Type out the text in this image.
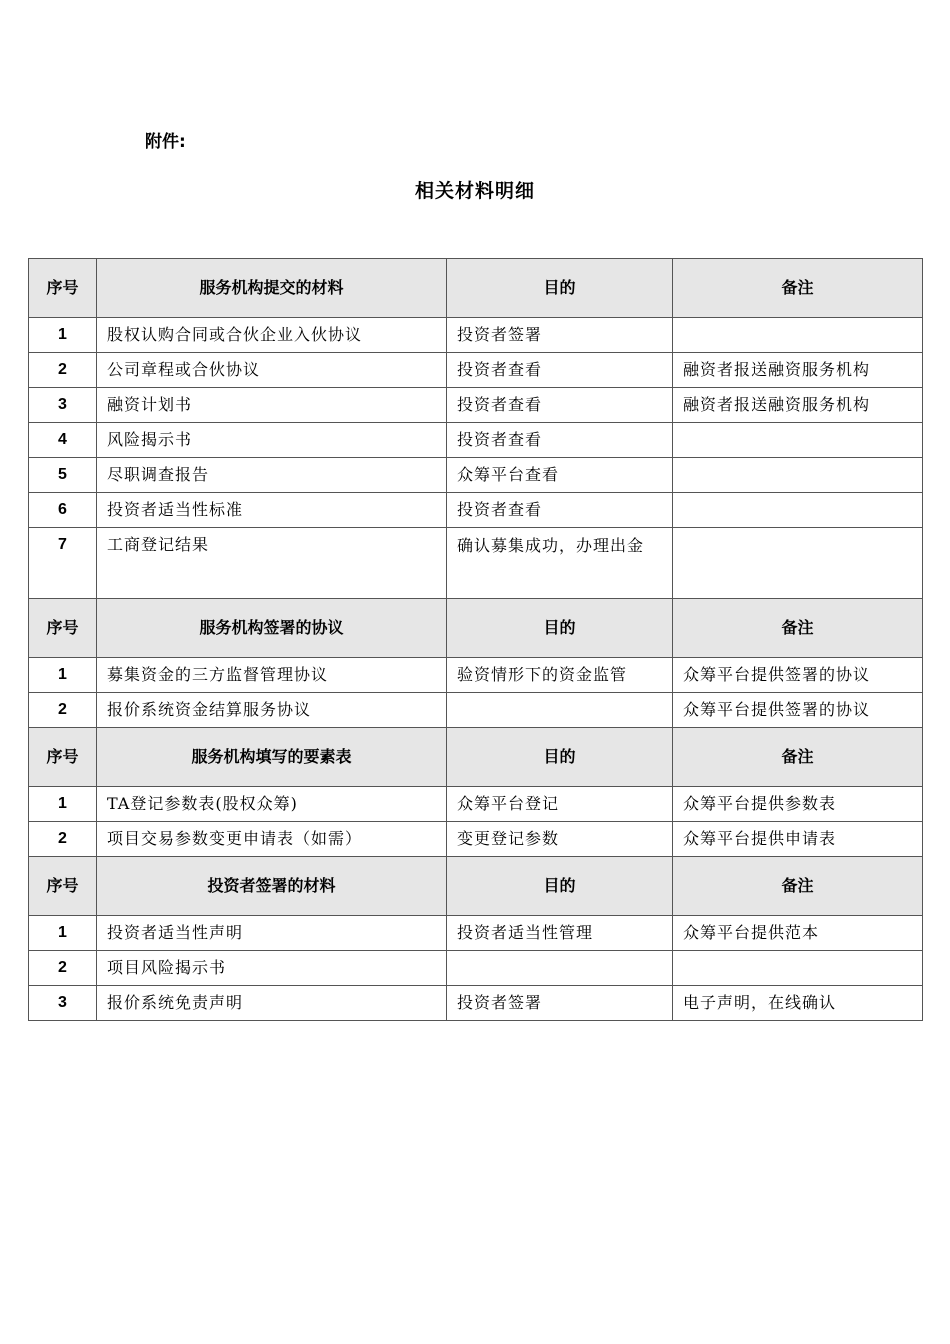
附件:
相关材料明细
序号	服务机构提交的材料	目的	备注
1	股权认购合同或合伙企业入伙协议	投资者签署	
2	公司章程或合伙协议	投资者查看	融资者报送融资服务机构
3	融资计划书	投资者查看	融资者报送融资服务机构
4	风险揭示书	投资者查看	
5	尽职调查报告	众筹平台查看	
6	投资者适当性标准	投资者查看	
7	工商登记结果	确认募集成功，办理出金	
序号	服务机构签署的协议	目的	备注
1	募集资金的三方监督管理协议	验资情形下的资金监管	众筹平台提供签署的协议
2	报价系统资金结算服务协议		众筹平台提供签署的协议
序号	服务机构填写的要素表	目的	备注
1	TA登记参数表(股权众筹)	众筹平台登记	众筹平台提供参数表
2	项目交易参数变更申请表（如需）	变更登记参数	众筹平台提供申请表
序号	投资者签署的材料	目的	备注
1	投资者适当性声明	投资者适当性管理	众筹平台提供范本
2	项目风险揭示书		
3	报价系统免责声明	投资者签署	电子声明，在线确认
